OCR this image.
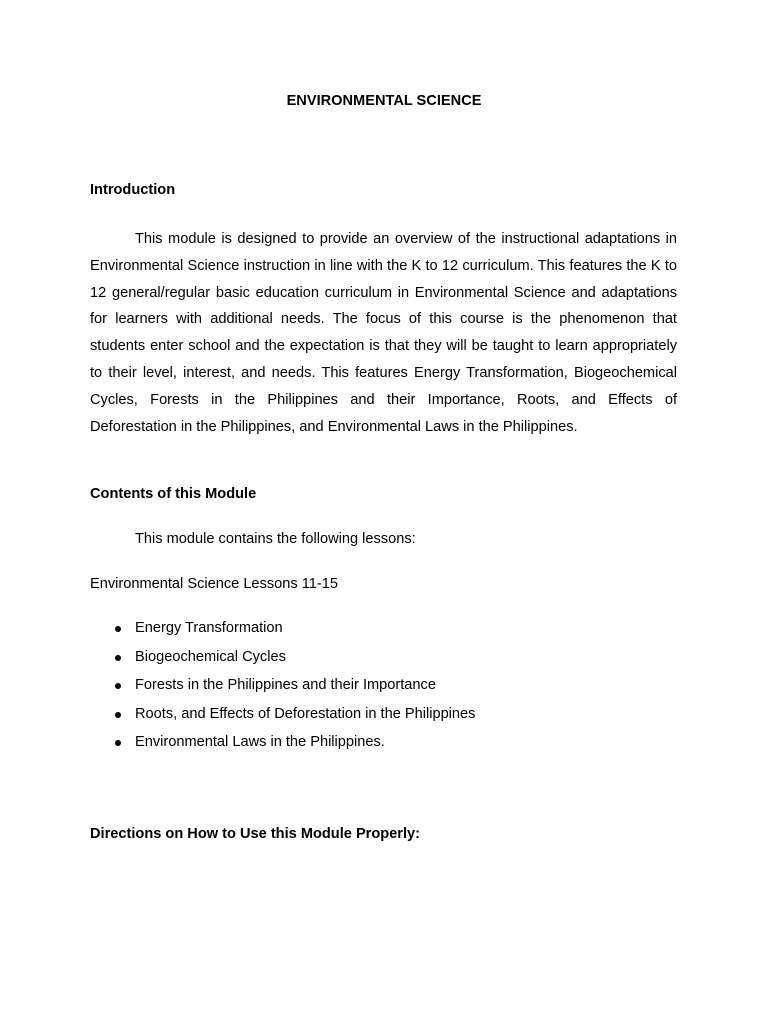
ENVIRONMENTAL SCIENCE
Introduction

This module is designed to provide an overview of the instructional adaptations in Environmental Science instruction in line with the K to 12 curriculum. This features the K to 12 general/regular basic education curriculum in Environmental Science and adaptations for learners with additional needs. The focus of this course is the phenomenon that students enter school and the expectation is that they will be taught to learn appropriately to their level, interest, and needs. This features Energy Transformation, Biogeochemical Cycles, Forests in the Philippines and their Importance, Roots, and Effects of Deforestation in the Philippines, and Environmental Laws in the Philippines.

Contents of this Module

This module contains the following lessons:

Environmental Science Lessons 11-15

Energy Transformation
Biogeochemical Cycles
Forests in the Philippines and their Importance
Roots, and Effects of Deforestation in the Philippines
Environmental Laws in the Philippines.
Directions on How to Use this Module Properly:
